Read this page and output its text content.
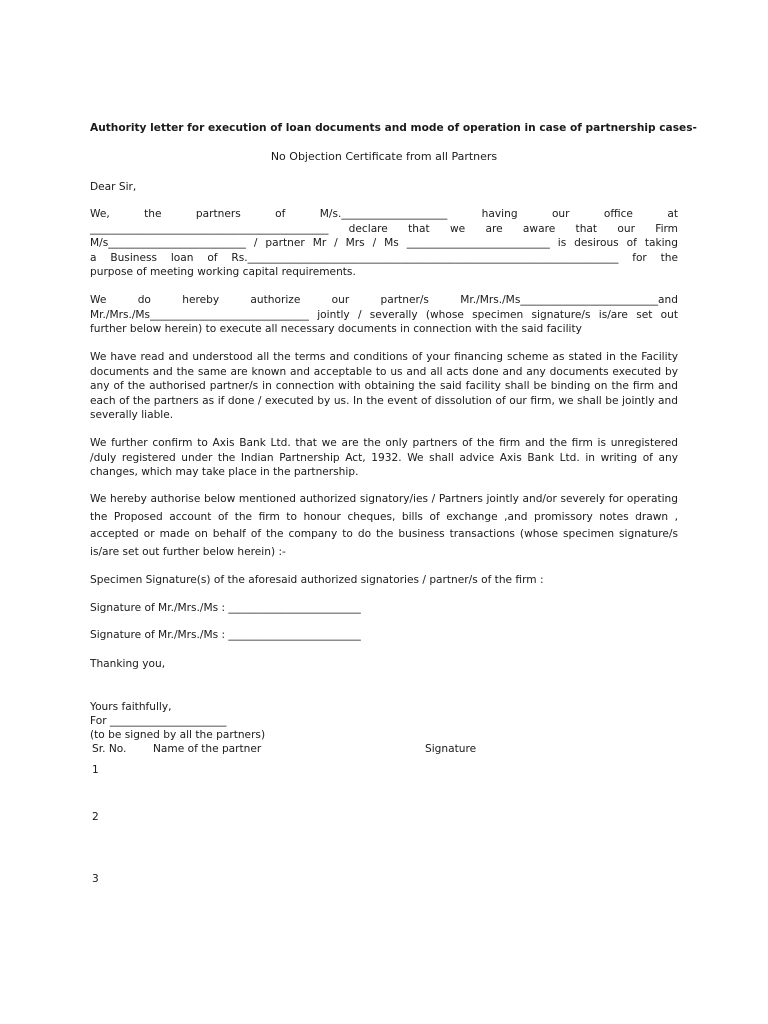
Authority letter for execution of loan documents and mode of operation in case of partnership cases-
No Objection Certificate from all Partners
Dear Sir,
We, the partners of M/s.____________________ having our office at
_____________________________________________ declare that we are aware that our Firm
M/s__________________________ / partner Mr / Mrs / Ms ___________________________ is desirous of taking
a Business loan of Rs.______________________________________________________________________ for the
purpose of meeting working capital requirements.
We do hereby authorize our partner/s Mr./Mrs./Ms__________________________and
Mr./Mrs./Ms______________________________ jointly / severally (whose specimen signature/s is/are set out
further below herein) to execute all necessary documents in connection with the said facility

We have read and understood all the terms and conditions of your financing scheme as stated in the Facility documents and the same are known and acceptable to us and all acts done and any documents executed by any of the authorised partner/s in connection with obtaining the said facility shall be binding on the firm and each of the partners as if done / executed by us. In the event of dissolution of our firm, we shall be jointly and severally liable.

We further confirm to Axis Bank Ltd. that we are the only partners of the firm and the firm is unregistered /duly registered under the Indian Partnership Act, 1932. We shall advice Axis Bank Ltd. in writing of any changes, which may take place in the partnership.

We hereby authorise below mentioned authorized signatory/ies / Partners jointly and/or severely for operating the Proposed account of the firm to honour cheques, bills of exchange ,and promissory notes drawn , accepted or made on behalf of the company to do the business transactions (whose specimen signature/s is/are set out further below herein) :-

Specimen Signature(s) of the aforesaid authorized signatories / partner/s of the firm :
Signature of Mr./Mrs./Ms : _________________________
Signature of Mr./Mrs./Ms : _________________________
Thanking you,
Yours faithfully,
For ______________________
(to be signed by all the partners)
Sr. No.	Name of the partner	Signature
1
2
3
